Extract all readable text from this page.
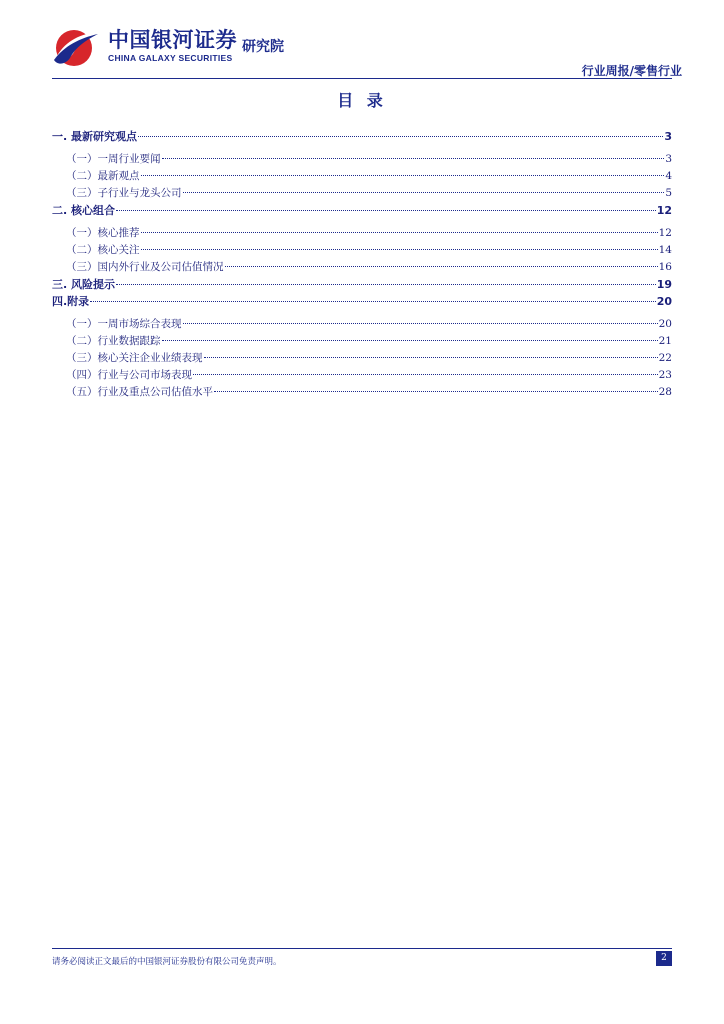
中国银河证券
CHINA GALAXY SECURITIES
研究院
行业周报/零售行业
目 录
一. 最新研究观点	3
（一）一周行业要闻	3
（二）最新观点	4
（三）子行业与龙头公司	5
二. 核心组合	12
（一）核心推荐	12
（二）核心关注	14
（三）国内外行业及公司估值情况	16
三. 风险提示	19
四.附录	20
（一）一周市场综合表现	20
（二）行业数据跟踪	21
（三）核心关注企业业绩表现	22
（四）行业与公司市场表现	23
（五）行业及重点公司估值水平	28
请务必阅读正文最后的中国银河证券股份有限公司免责声明。	2
